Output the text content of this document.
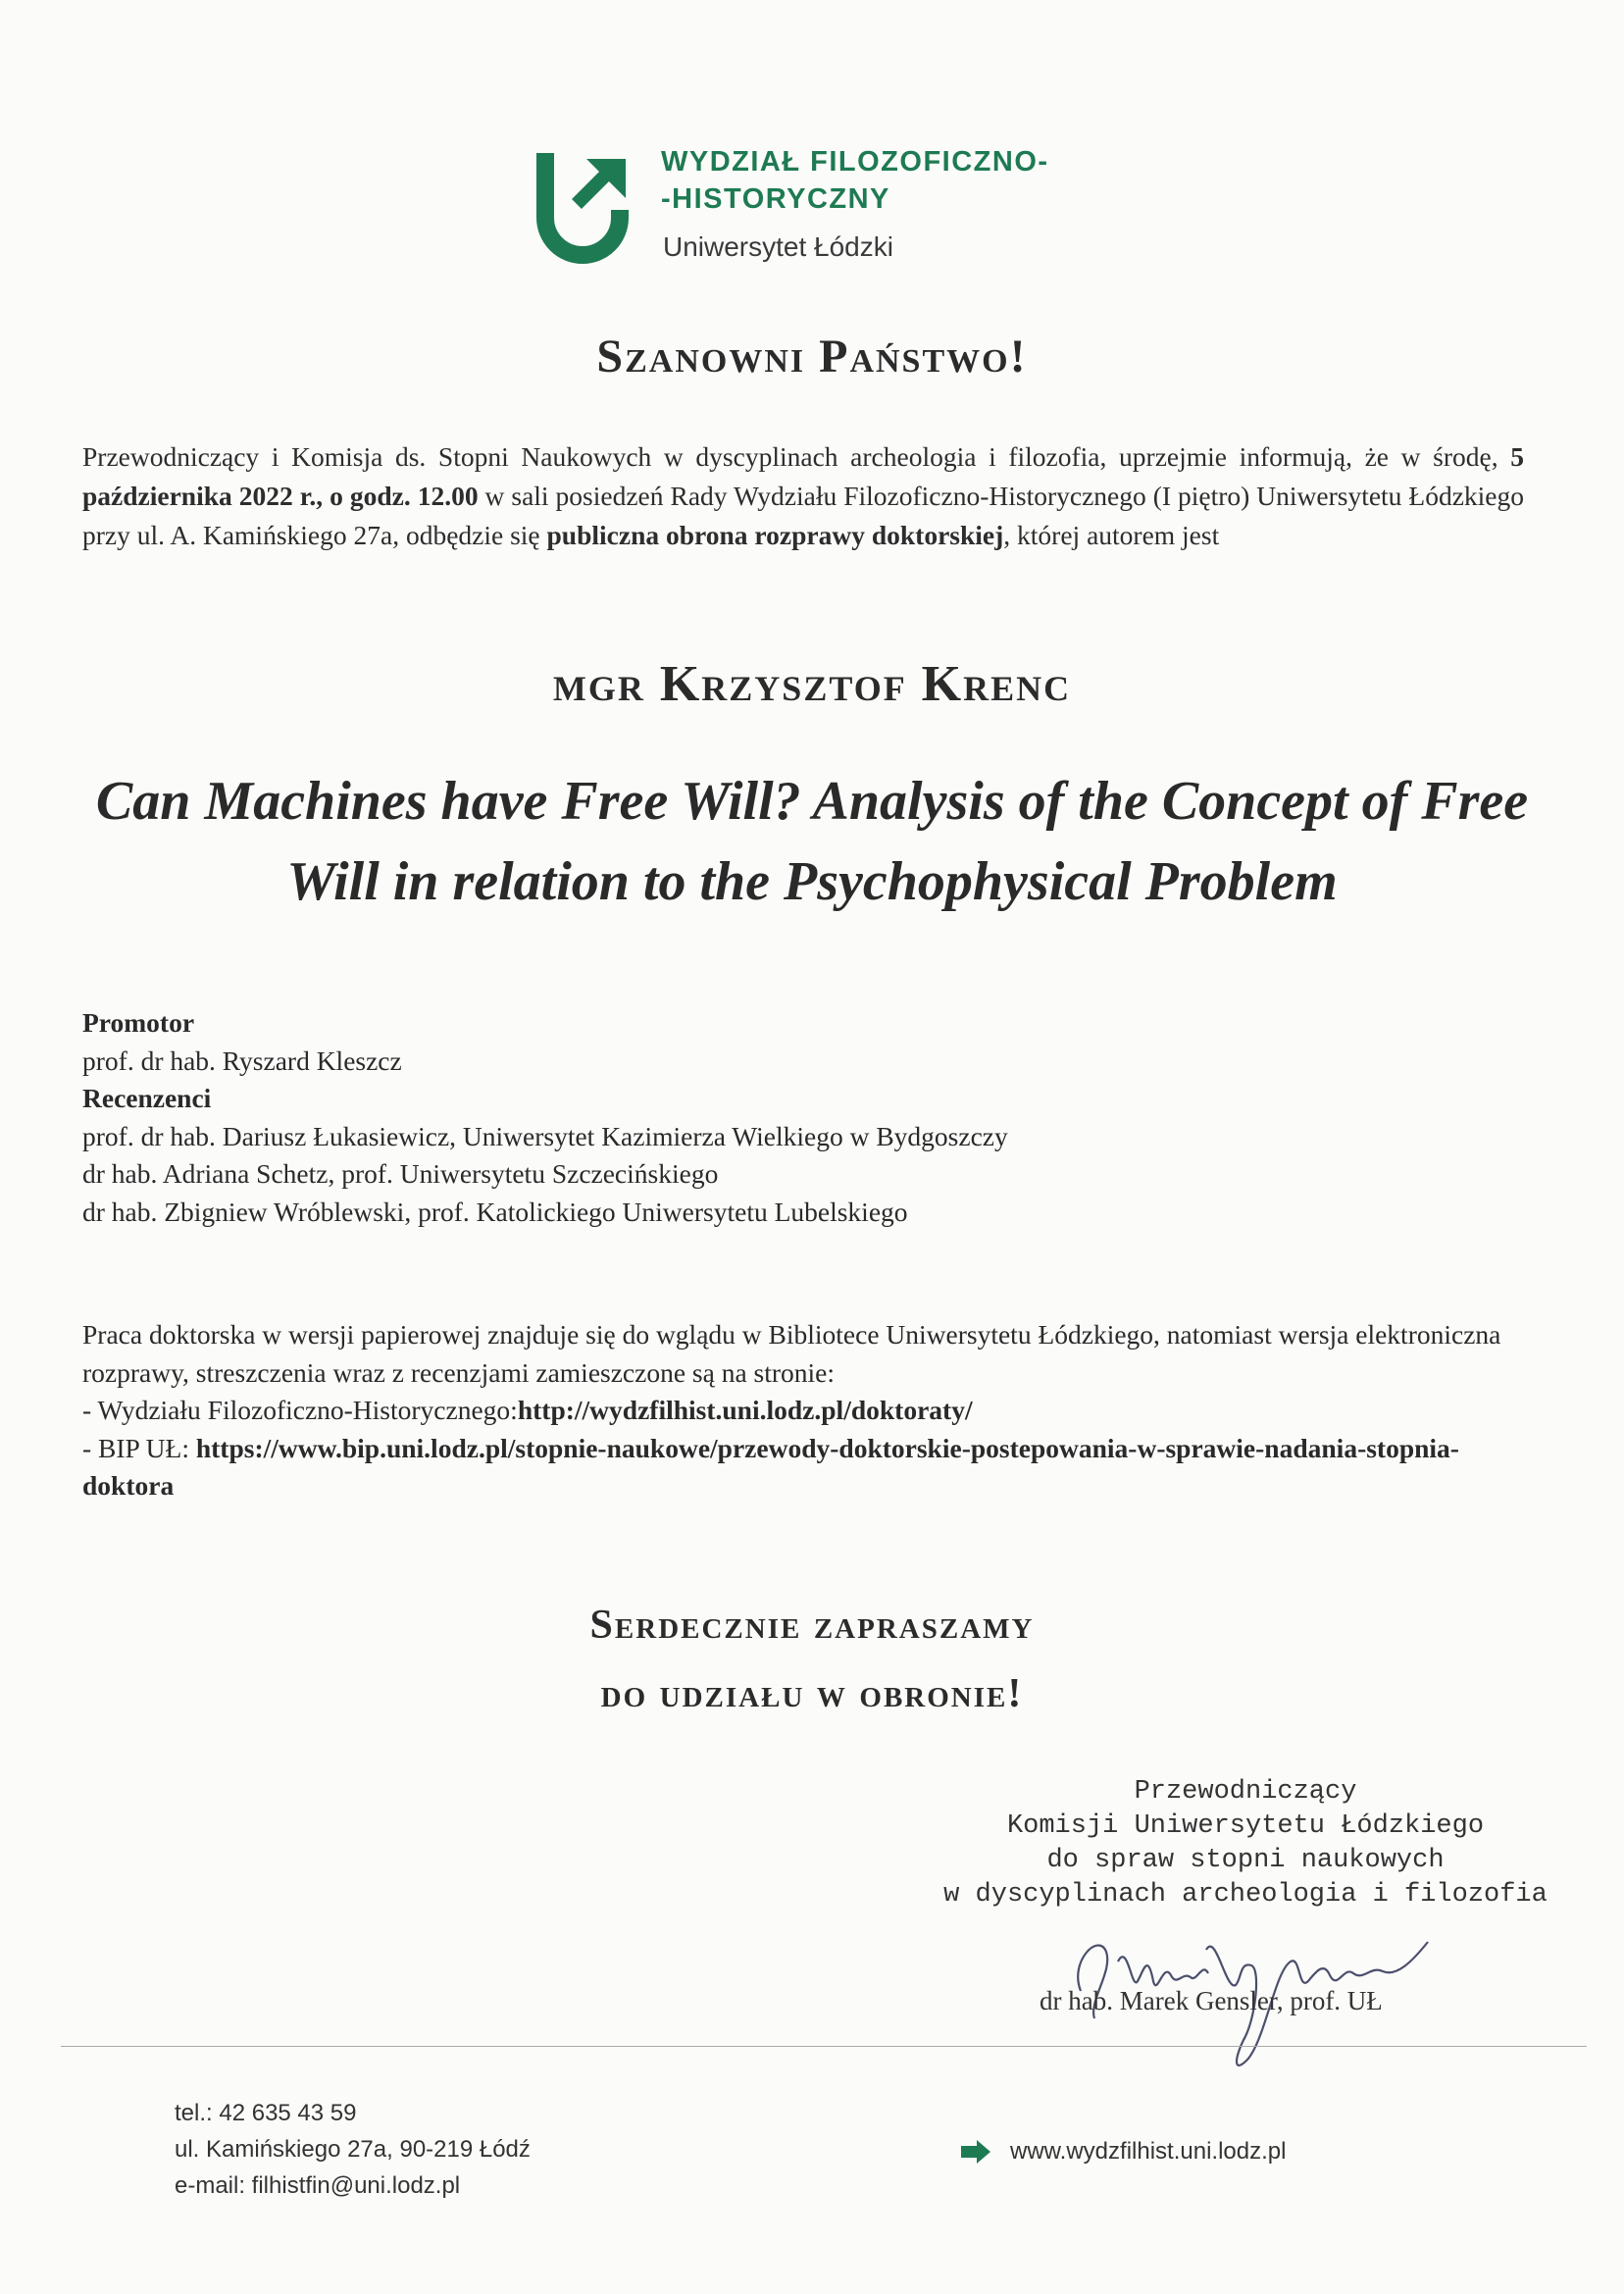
WYDZIAŁ FILOZOFICZNO-
-HISTORYCZNY
Uniwersytet Łódzki
Szanowni Państwo!
Przewodniczący i Komisja ds. Stopni Naukowych w dyscyplinach archeologia i filozofia, uprzejmie informują, że w środę, 5 października 2022 r., o godz. 12.00 w sali posiedzeń Rady Wydziału Filozoficzno-Historycznego (I piętro) Uniwersytetu Łódzkiego przy ul. A. Kamińskiego 27a, odbędzie się publiczna obrona rozprawy doktorskiej, której autorem jest
mgr Krzysztof Krenc
Can Machines have Free Will? Analysis of the Concept of Free Will in relation to the Psychophysical Problem
Promotor
prof. dr hab. Ryszard Kleszcz
Recenzenci
prof. dr hab. Dariusz Łukasiewicz, Uniwersytet Kazimierza Wielkiego w Bydgoszczy
dr hab. Adriana Schetz, prof. Uniwersytetu Szczecińskiego
dr hab. Zbigniew Wróblewski, prof. Katolickiego Uniwersytetu Lubelskiego
Praca doktorska w wersji papierowej znajduje się do wglądu w Bibliotece Uniwersytetu Łódzkiego, natomiast wersja elektroniczna rozprawy, streszczenia wraz z recenzjami zamieszczone są na stronie:
- Wydziału Filozoficzno-Historycznego:http://wydzfilhist.uni.lodz.pl/doktoraty/
- BIP UŁ: https://www.bip.uni.lodz.pl/stopnie-naukowe/przewody-doktorskie-postepowania-w-sprawie-nadania-stopnia-doktora
Serdecznie zapraszamy
do udziału w obronie!
Przewodniczący
Komisji Uniwersytetu Łódzkiego
do spraw stopni naukowych
w dyscyplinach archeologia i filozofia
dr hab. Marek Gensler, prof. UŁ
tel.: 42 635 43 59
ul. Kamińskiego 27a, 90-219 Łódź
e-mail: filhistfin@uni.lodz.pl
www.wydzfilhist.uni.lodz.pl
